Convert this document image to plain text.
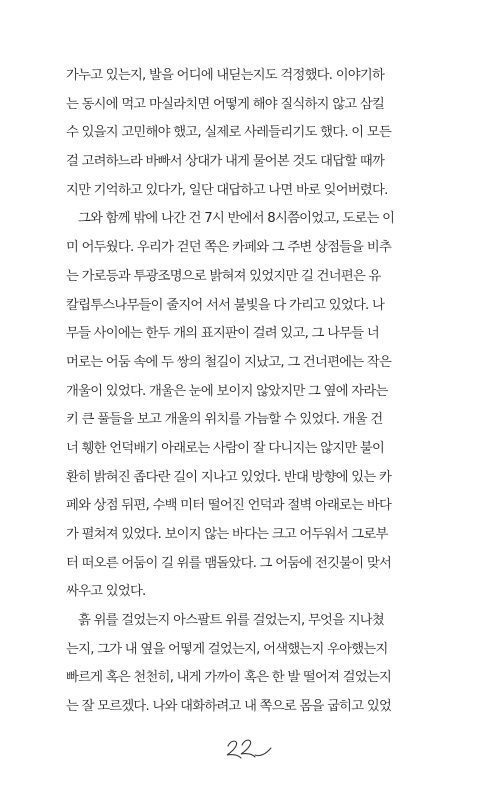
가누고 있는지, 발을 어디에 내딛는지도 걱정했다. 이야기하
는 동시에 먹고 마실라치면 어떻게 해야 질식하지 않고 삼킬
수 있을지 고민해야 했고, 실제로 사레들리기도 했다. 이 모든
걸 고려하느라 바빠서 상대가 내게 물어본 것도 대답할 때까
지만 기억하고 있다가, 일단 대답하고 나면 바로 잊어버렸다.
그와 함께 밖에 나간 건 7시 반에서 8시쯤이었고, 도로는 이
미 어두웠다. 우리가 걷던 쪽은 카페와 그 주변 상점들을 비추
는 가로등과 투광조명으로 밝혀져 있었지만 길 건너편은 유
칼립투스나무들이 줄지어 서서 불빛을 다 가리고 있었다. 나
무들 사이에는 한두 개의 표지판이 걸려 있고, 그 나무들 너
머로는 어둠 속에 두 쌍의 철길이 지났고, 그 건너편에는 작은
개울이 있었다. 개울은 눈에 보이지 않았지만 그 옆에 자라는
키 큰 풀들을 보고 개울의 위치를 가늠할 수 있었다. 개울 건
너 휑한 언덕배기 아래로는 사람이 잘 다니지는 않지만 불이
환히 밝혀진 좁다란 길이 지나고 있었다. 반대 방향에 있는 카
페와 상점 뒤편, 수백 미터 떨어진 언덕과 절벽 아래로는 바다
가 펼쳐져 있었다. 보이지 않는 바다는 크고 어두워서 그로부
터 떠오른 어둠이 길 위를 맴돌았다. 그 어둠에 전깃불이 맞서
싸우고 있었다.
흙 위를 걸었는지 아스팔트 위를 걸었는지, 무엇을 지나쳤
는지, 그가 내 옆을 어떻게 걸었는지, 어색했는지 우아했는지
빠르게 혹은 천천히, 내게 가까이 혹은 한 발 떨어져 걸었는지
는 잘 모르겠다. 나와 대화하려고 내 쪽으로 몸을 굽히고 있었
